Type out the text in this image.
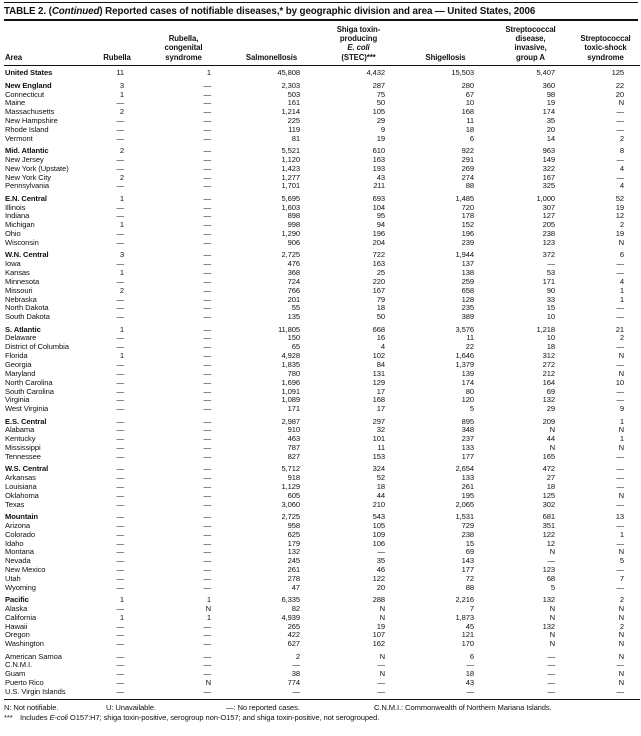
TABLE 2. (Continued) Reported cases of notifiable diseases,* by geographic division and area — United States, 2006
Area	Rubella	Rubella,
congenital
syndrome	Salmonellosis	Shiga toxin-
producing
E. coli
(STEC)***	Shigellosis	Streptococcal
disease,
invasive,
group A	Streptococcal
toxic-shock
syndrome
United States	11	1	45,808	4,432	15,503	5,407	125
New England	3	—	2,303	287	280	360	22
Connecticut	1	—	503	75	67	98	20
Maine	—	—	161	50	10	19	N
Massachusetts	2	—	1,214	105	168	174	—
New Hampshire	—	—	225	29	11	35	—
Rhode Island	—	—	119	9	18	20	—
Vermont	—	—	81	19	6	14	2
Mid. Atlantic	2	—	5,521	610	922	963	8
New Jersey	—	—	1,120	163	291	149	—
New York (Upstate)	—	—	1,423	193	269	322	4
New York City	2	—	1,277	43	274	167	—
Pennsylvania	—	—	1,701	211	88	325	4
E.N. Central	1	—	5,695	693	1,485	1,000	52
Illinois	—	—	1,603	104	720	307	19
Indiana	—	—	898	95	178	127	12
Michigan	1	—	998	94	152	205	2
Ohio	—	—	1,290	196	196	238	19
Wisconsin	—	—	906	204	239	123	N
W.N. Central	3	—	2,725	722	1,944	372	6
Iowa	—	—	476	163	137	—	—
Kansas	1	—	368	25	138	53	—
Minnesota	—	—	724	220	259	171	4
Missouri	2	—	766	167	658	90	1
Nebraska	—	—	201	79	128	33	1
North Dakota	—	—	55	18	235	15	—
South Dakota	—	—	135	50	389	10	—
S. Atlantic	1	—	11,805	668	3,576	1,218	21
Delaware	—	—	150	16	11	10	2
District of Columbia	—	—	65	4	22	18	—
Florida	1	—	4,928	102	1,646	312	N
Georgia	—	—	1,835	84	1,379	272	—
Maryland	—	—	780	131	139	212	N
North Carolina	—	—	1,696	129	174	164	10
South Carolina	—	—	1,091	17	80	69	—
Virginia	—	—	1,089	168	120	132	—
West Virginia	—	—	171	17	5	29	9
E.S. Central	—	—	2,987	297	895	209	1
Alabama	—	—	910	32	348	N	N
Kentucky	—	—	463	101	237	44	1
Mississippi	—	—	787	11	133	N	N
Tennessee	—	—	827	153	177	165	—
W.S. Central	—	—	5,712	324	2,654	472	—
Arkansas	—	—	918	52	133	27	—
Louisiana	—	—	1,129	18	261	18	—
Oklahoma	—	—	605	44	195	125	N
Texas	—	—	3,060	210	2,065	302	—
Mountain	—	—	2,725	543	1,531	681	13
Arizona	—	—	958	105	729	351	—
Colorado	—	—	625	109	238	122	1
Idaho	—	—	179	106	15	12	—
Montana	—	—	132	—	69	N	N
Nevada	—	—	245	35	143	—	5
New Mexico	—	—	261	46	177	123	—
Utah	—	—	278	122	72	68	7
Wyoming	—	—	47	20	88	5	—
Pacific	1	1	6,335	288	2,216	132	2
Alaska	—	N	82	N	7	N	N
California	1	1	4,939	N	1,873	N	N
Hawaii	—	—	265	19	45	132	2
Oregon	—	—	422	107	121	N	N
Washington	—	—	627	162	170	N	N
American Samoa	—	—	2	N	6	—	N
C.N.M.I.	—	—	—	—	—	—	—
Guam	—	—	38	N	18	—	N
Puerto Rico	—	N	774	—	43	—	N
U.S. Virgin Islands	—	—	—	—	—	—	—
N: Not notifiable.	U: Unavailable.	—: No reported cases.	C.N.M.I.: Commonwealth of Northern Mariana Islands.
*** Includes E-coli O157:H7; shiga toxin-positive, serogroup non-O157; and shiga toxin-positive, not serogrouped.
